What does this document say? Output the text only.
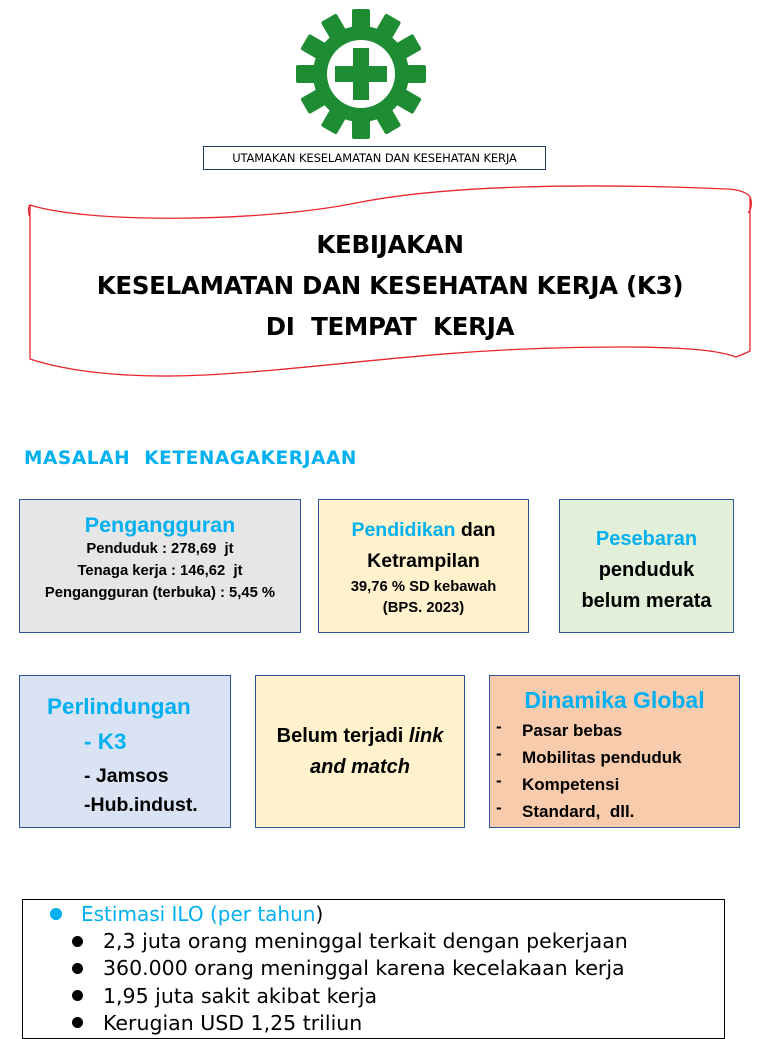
UTAMAKAN KESELAMATAN DAN KESEHATAN KERJA
KEBIJAKAN
KESELAMATAN DAN KESEHATAN KERJA (K3)
DI  TEMPAT  KERJA
MASALAH  KETENAGAKERJAAN
Pengangguran
Penduduk : 278,69  jt
Tenaga kerja : 146,62  jt
Pengangguran (terbuka) : 5,45 %
Pendidikan dan
Ketrampilan
39,76 % SD kebawah
(BPS. 2023)
Pesebaran
penduduk
belum merata
Perlindungan
- K3
- Jamsos
-Hub.indust.
Belum terjadi link
and match
Dinamika Global
- Pasar bebas
- Mobilitas penduduk
- Kompetensi
- Standard,  dll.
Estimasi ILO (per tahun)
2,3 juta orang meninggal terkait dengan pekerjaan
360.000 orang meninggal karena kecelakaan kerja
1,95 juta sakit akibat kerja
Kerugian USD 1,25 triliun
